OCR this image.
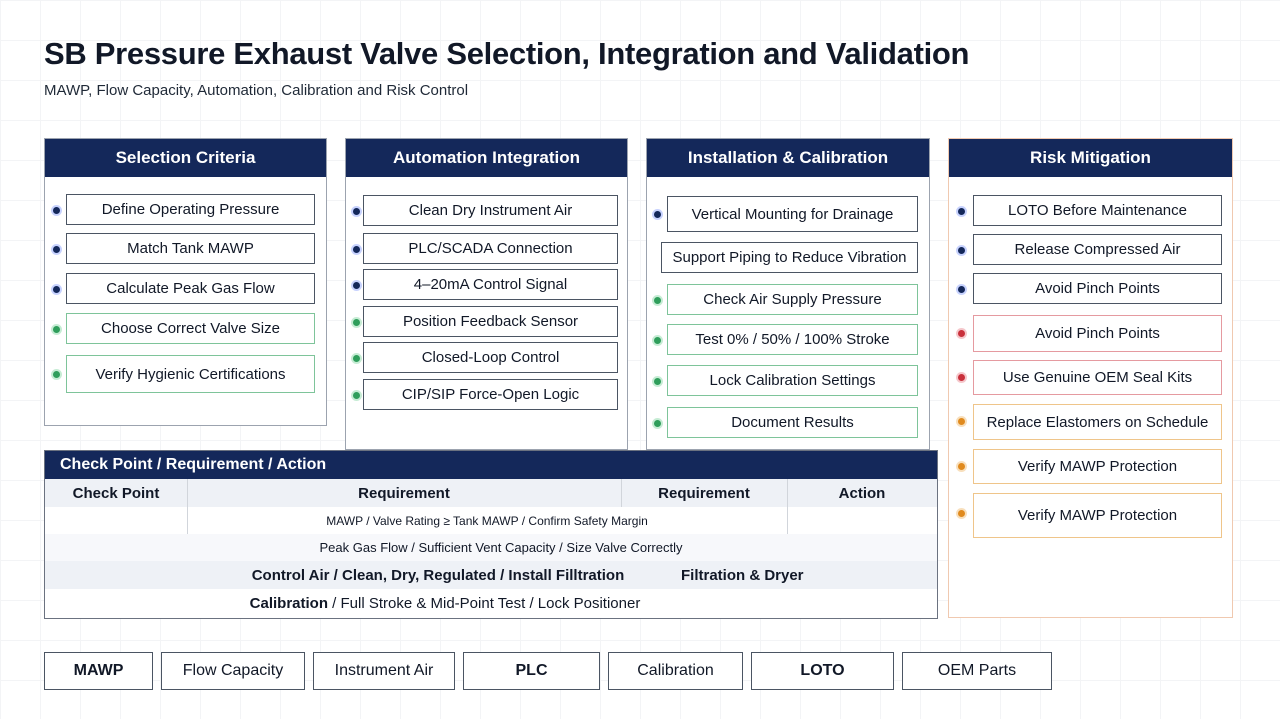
SB Pressure Exhaust Valve Selection, Integration and Validation
MAWP, Flow Capacity, Automation, Calibration and Risk Control
Selection Criteria
Define Operating Pressure
Match Tank MAWP
Calculate Peak Gas Flow
Choose Correct Valve Size
Verify Hygienic Certifications
Automation Integration
Clean Dry Instrument Air
PLC/SCADA Connection
4–20mA Control Signal
Position Feedback Sensor
Closed-Loop Control
CIP/SIP Force-Open Logic
Installation & Calibration
Vertical Mounting for Drainage
Support Piping to Reduce Vibration
Check Air Supply Pressure
Test 0% / 50% / 100% Stroke
Lock Calibration Settings
Document Results
Risk Mitigation
LOTO Before Maintenance
Release Compressed Air
Avoid Pinch Points
Avoid Pinch Points
Use Genuine OEM Seal Kits
Replace Elastomers on Schedule
Verify MAWP Protection
Verify MAWP Protection
Check Point / Requirement / Action
Check Point	Requirement	Requirement	Action
MAWP / Valve Rating ≥ Tank MAWP / Confirm Safety Margin
Peak Gas Flow / Sufficient Vent Capacity / Size Valve Correctly
Control Air / Clean, Dry, Regulated / Install Filltration	Filtration & Dryer
Calibration / Full Stroke & Mid-Point Test / Lock Positioner
MAWP	Flow Capacity	Instrument Air	PLC	Calibration	LOTO	OEM Parts
